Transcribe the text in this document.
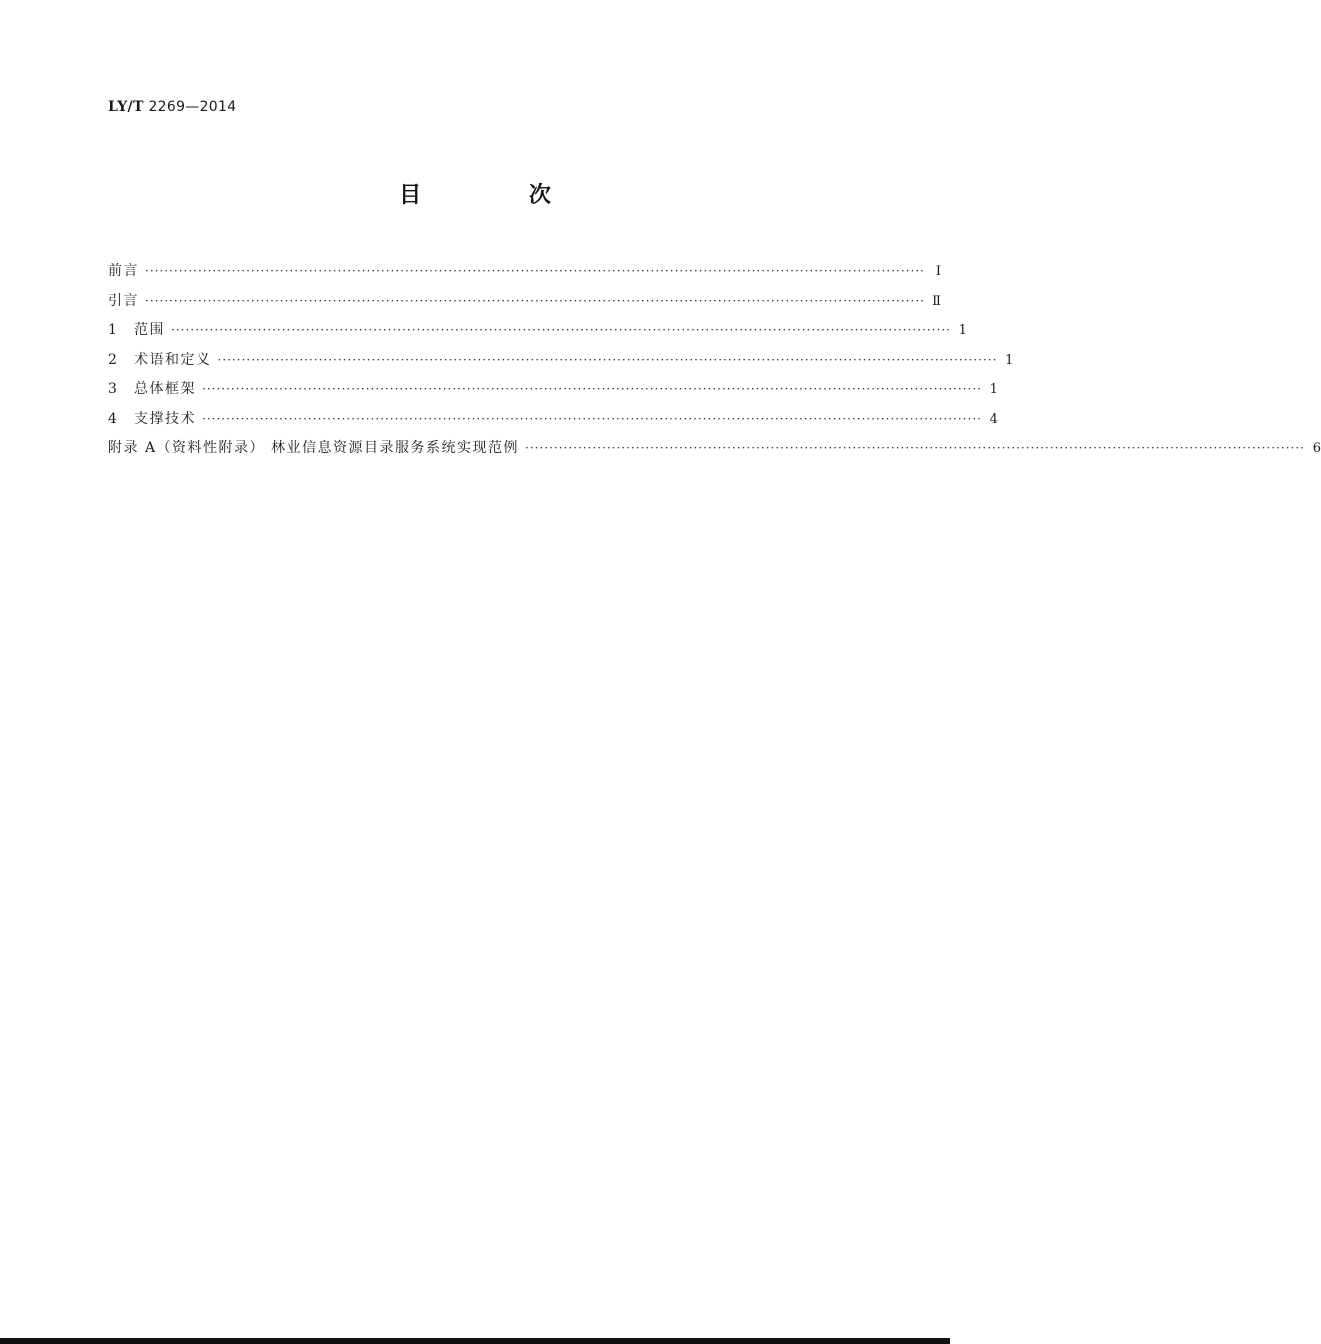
LY/T 2269—2014
目 次
前言 ·································································································································································· Ⅰ
引言 ·································································································································································· Ⅱ
1	范围 ·································································································································································· 1
2	术语和定义 ·································································································································································· 1
3	总体框架 ·································································································································································· 1
4	支撑技术 ·································································································································································· 4
附录 A（资料性附录） 林业信息资源目录服务系统实现范例 ·································································································································································· 6
